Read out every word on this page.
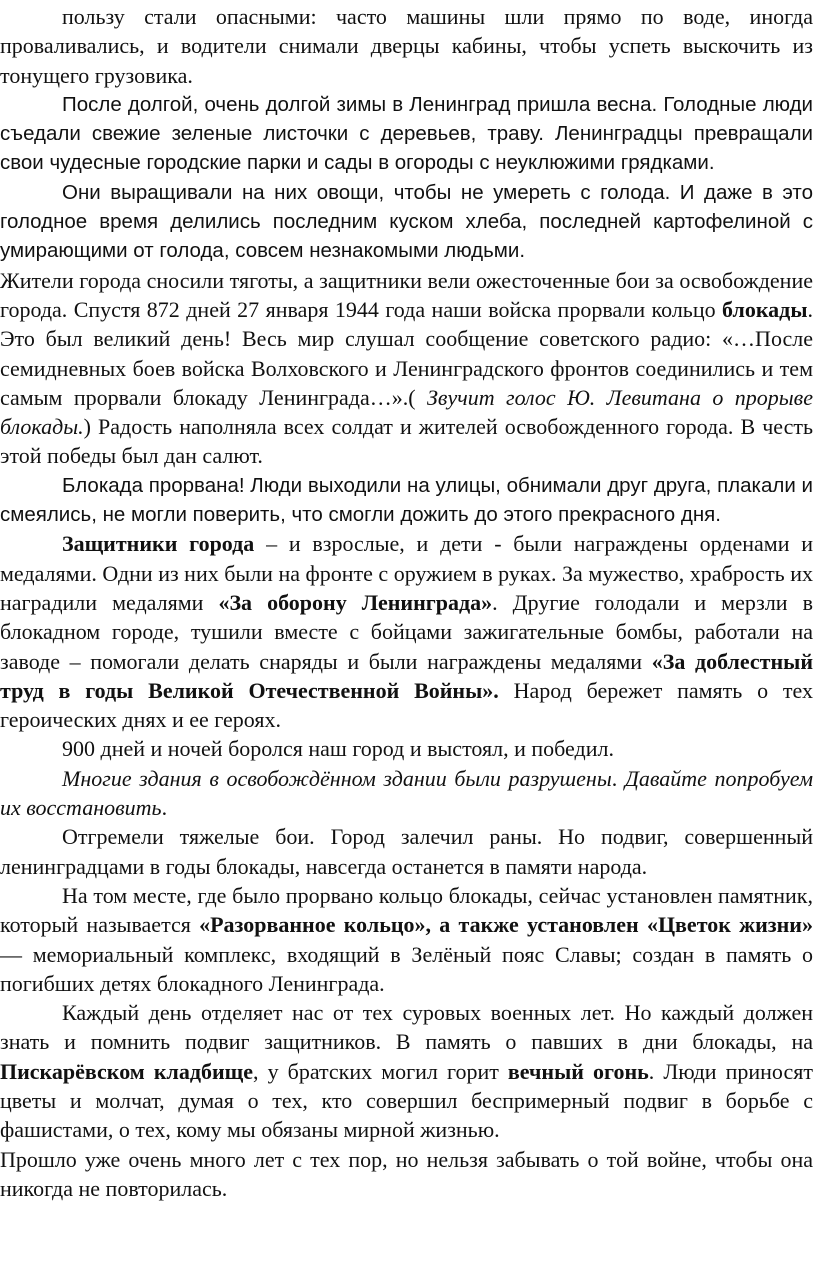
пользу стали опасными: часто машины шли прямо по воде, иногда проваливались, и водители снимали дверцы кабины, чтобы успеть выскочить из тонущего грузовика.

После долгой, очень долгой зимы в Ленинград пришла весна. Голодные люди съедали свежие зеленые листочки с деревьев, траву. Ленинградцы превращали свои чудесные городские парки и сады в огороды с неуклюжими грядками.

Они выращивали на них овощи, чтобы не умереть с голода. И даже в это голодное время делились последним куском хлеба, последней картофелиной с умирающими от голода, совсем незнакомыми людьми.

Жители города сносили тяготы, а защитники вели ожесточенные бои за освобождение города. Спустя 872 дней 27 января 1944 года наши войска прорвали кольцо блокады. Это был великий день! Весь мир слушал сообщение советского радио: «…После семидневных боев войска Волховского и Ленинградского фронтов соединились и тем самым прорвали блокаду Ленинграда…».( Звучит голос Ю. Левитана о прорыве блокады.) Радость наполняла всех солдат и жителей освобожденного города. В честь этой победы был дан салют.

Блокада прорвана! Люди выходили на улицы, обнимали друг друга, плакали и смеялись, не могли поверить, что смогли дожить до этого прекрасного дня.

Защитники города – и взрослые, и дети - были награждены орденами и медалями. Одни из них были на фронте с оружием в руках. За мужество, храбрость их наградили медалями «За оборону Ленинграда». Другие голодали и мерзли в блокадном городе, тушили вместе с бойцами зажигательные бомбы, работали на заводе – помогали делать снаряды и были награждены медалями «За доблестный труд в годы Великой Отечественной Войны». Народ бережет память о тех героических днях и ее героях.

900 дней и ночей боролся наш город и выстоял, и победил.

Многие здания в освобождённом здании были разрушены. Давайте попробуем их восстановить.

Отгремели тяжелые бои. Город залечил раны. Но подвиг, совершенный ленинградцами в годы блокады, навсегда останется в памяти народа.

На том месте, где было прорвано кольцо блокады, сейчас установлен памятник, который называется «Разорванное кольцо», а также установлен «Цветок жизни» — мемориальный комплекс, входящий в Зелёный пояс Славы; создан в память о погибших детях блокадного Ленинграда.

Каждый день отделяет нас от тех суровых военных лет. Но каждый должен знать и помнить подвиг защитников. В память о павших в дни блокады, на Пискарёвском кладбище, у братских могил горит вечный огонь. Люди приносят цветы и молчат, думая о тех, кто совершил беспримерный подвиг в борьбе с фашистами, о тех, кому мы обязаны мирной жизнью.

Прошло уже очень много лет с тех пор, но нельзя забывать о той войне, чтобы она никогда не повторилась.
